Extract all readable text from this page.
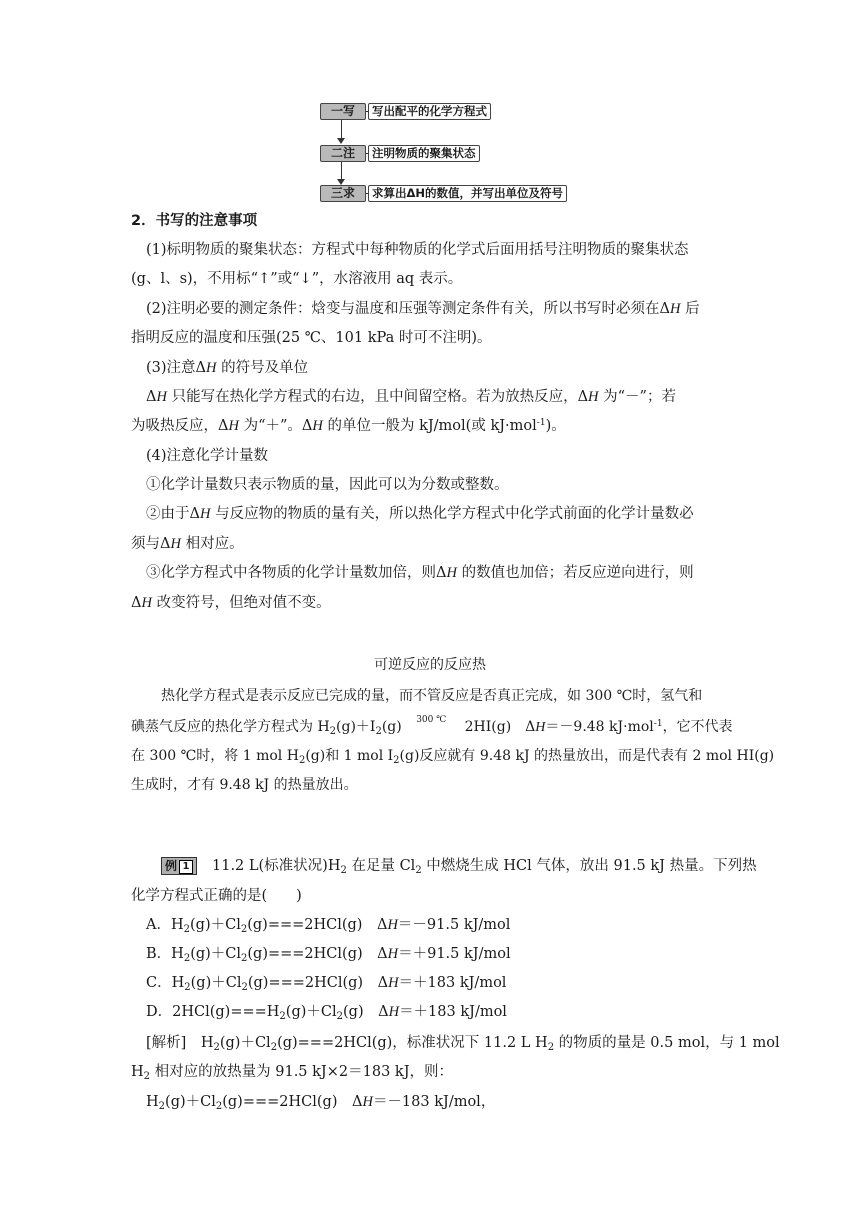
一写	写出配平的化学方程式
二注	注明物质的聚集状态
三求	求算出ΔH的数值，并写出单位及符号
2．书写的注意事项
(1)标明物质的聚集状态：方程式中每种物质的化学式后面用括号注明物质的聚集状态
(g、l、s)，不用标“↑”或“↓”，水溶液用 aq 表示。
(2)注明必要的测定条件：焓变与温度和压强等测定条件有关，所以书写时必须在ΔH 后
指明反应的温度和压强(25 ℃、101 kPa 时可不注明)。
(3)注意ΔH 的符号及单位
ΔH 只能写在热化学方程式的右边，且中间留空格。若为放热反应，ΔH 为“－”；若
为吸热反应，ΔH 为“＋”。ΔH 的单位一般为 kJ/mol(或 kJ·mol$^{-1}$)。
(4)注意化学计量数
①化学计量数只表示物质的量，因此可以为分数或整数。
②由于ΔH 与反应物的物质的量有关，所以热化学方程式中化学式前面的化学计量数必
须与ΔH 相对应。
③化学方程式中各物质的化学计量数加倍，则ΔH 的数值也加倍；若反应逆向进行，则
ΔH 改变符号，但绝对值不变。
可逆反应的反应热
热化学方程式是表示反应已完成的量，而不管反应是否真正完成，如 300 ℃时，氢气和
碘蒸气反应的热化学方程式为 $H_2(g)+I_2(g)$ 300 ℃ 2HI(g)　ΔH＝－9.48 kJ·mol$^{-1}$，它不代表
在 300 ℃时，将 1 mol $H_2(g)$和 1 mol $I_2(g)$反应就有 9.48 kJ 的热量放出，而是代表有 2 mol HI(g)
生成时，才有 9.48 kJ 的热量放出。
例 1	11.2 L(标准状况)$H_2$ 在足量 $Cl_2$ 中燃烧生成 HCl 气体，放出 91.5 kJ 热量。下列热
化学方程式正确的是(　　)
A．$H_2(g)+Cl_2(g)===2HCl(g)$　ΔH＝－91.5 kJ/mol
B．$H_2(g)+Cl_2(g)===2HCl(g)$　ΔH＝＋91.5 kJ/mol
C．$H_2(g)+Cl_2(g)===2HCl(g)$　ΔH＝＋183 kJ/mol
D．$2HCl(g)===H_2(g)+Cl_2(g)$　ΔH＝＋183 kJ/mol
[解析]　$H_2(g)+Cl_2(g)===2HCl(g)$，标准状况下 11.2 L $H_2$ 的物质的量是 0.5 mol，与 1 mol
$H_2$ 相对应的放热量为 91.5 kJ×2＝183 kJ，则：
$H_2(g)+Cl_2(g)===2HCl(g)$　ΔH＝－183 kJ/mol，
